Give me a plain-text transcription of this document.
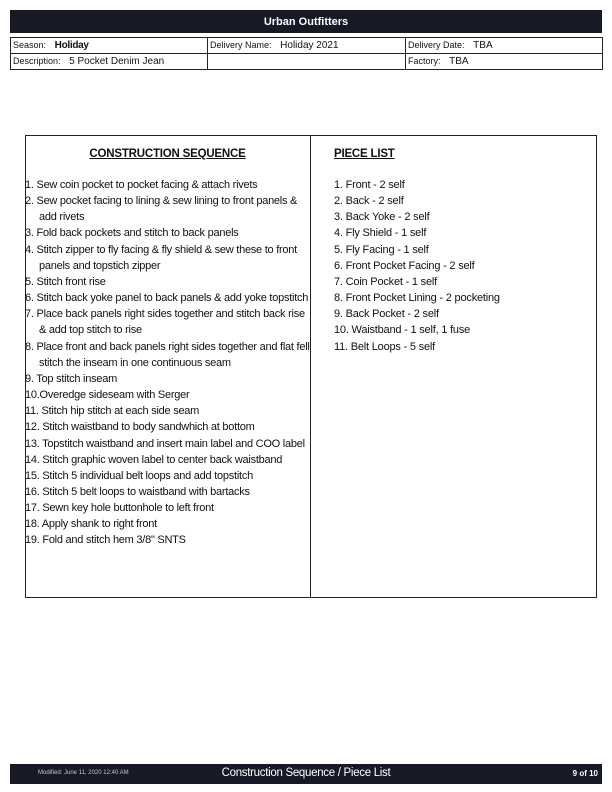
Urban Outfitters
Season: Holiday	Delivery Name: Holiday 2021	Delivery Date: TBA
Description: 5 Pocket Denim Jean		Factory: TBA
CONSTRUCTION SEQUENCE	PIECE LIST
1. Sew coin pocket to pocket facing & attach rivets
2. Sew pocket facing to lining & sew lining to front panels & add rivets
3. Fold back pockets and stitch to back panels
4. Stitch zipper to fly facing & fly shield & sew these to front panels and topstich zipper
5. Stitch front rise
6. Stitch back yoke panel to back panels & add yoke topstitch
7. Place back panels right sides together and stitch back rise & add top stitch to rise
8. Place front and back panels right sides together and flat fell stitch the inseam in one continuous seam
9. Top stitch inseam
10.Overedge sideseam with Serger
11. Stitch hip stitch at each side seam
12. Stitch waistband to body sandwhich at bottom
13. Topstitch waistband and insert main label and COO label
14. Stitch graphic woven label to center back waistband
15. Stitch 5 individual belt loops and add topstitch
16. Stitch 5 belt loops to waistband with bartacks
17. Sewn key hole buttonhole to left front
18. Apply shank to right front
19. Fold and stitch hem 3/8" SNTS
1. Front - 2 self
2. Back - 2 self
3. Back Yoke - 2 self
4. Fly Shield - 1 self
5. Fly Facing - 1 self
6. Front Pocket Facing - 2 self
7. Coin Pocket - 1 self
8. Front Pocket Lining - 2 pocketing
9. Back Pocket - 2 self
10. Waistband - 1 self, 1 fuse
11. Belt Loops - 5 self
Modified: June 11, 2020 12:40 AM	Construction Sequence / Piece List	9 of 10
